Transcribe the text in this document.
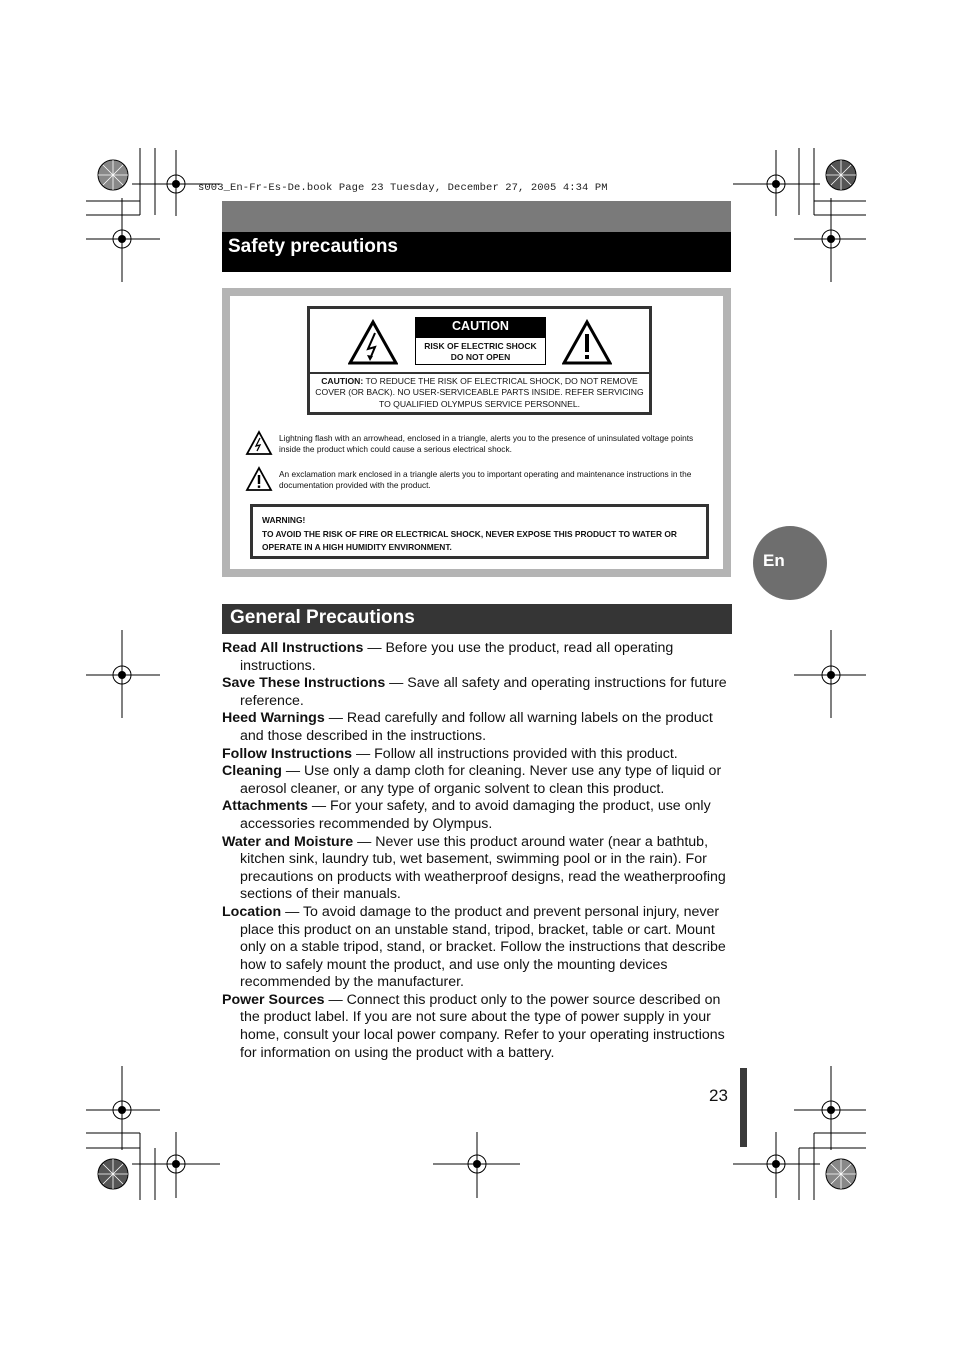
s003_En-Fr-Es-De.book Page 23 Tuesday, December 27, 2005 4:34 PM
Safety precautions
CAUTION
RISK OF ELECTRIC SHOCK
DO NOT OPEN
CAUTION: TO REDUCE THE RISK OF ELECTRICAL SHOCK, DO NOT REMOVE COVER (OR BACK). NO USER-SERVICEABLE PARTS INSIDE. REFER SERVICING TO QUALIFIED OLYMPUS SERVICE PERSONNEL.
Lightning flash with an arrowhead, enclosed in a triangle, alerts you to the presence of uninsulated voltage points inside the product which could cause a serious electrical shock.
An exclamation mark enclosed in a triangle alerts you to important operating and maintenance instructions in the documentation provided with the product.
WARNING!
TO AVOID THE RISK OF FIRE OR ELECTRICAL SHOCK, NEVER EXPOSE THIS PRODUCT TO WATER OR OPERATE IN A HIGH HUMIDITY ENVIRONMENT.
En
General Precautions

Read All Instructions — Before you use the product, read all operating instructions.

Save These Instructions — Save all safety and operating instructions for future reference.

Heed Warnings — Read carefully and follow all warning labels on the product and those described in the instructions.

Follow Instructions — Follow all instructions provided with this product.

Cleaning — Use only a damp cloth for cleaning. Never use any type of liquid or aerosol cleaner, or any type of organic solvent to clean this product.

Attachments — For your safety, and to avoid damaging the product, use only accessories recommended by Olympus.

Water and Moisture — Never use this product around water (near a bathtub, kitchen sink, laundry tub, wet basement, swimming pool or in the rain). For precautions on products with weatherproof designs, read the weatherproofing sections of their manuals.

Location — To avoid damage to the product and prevent personal injury, never place this product on an unstable stand, tripod, bracket, table or cart. Mount only on a stable tripod, stand, or bracket. Follow the instructions that describe how to safely mount the product, and use only the mounting devices recommended by the manufacturer.

Power Sources — Connect this product only to the power source described on the product label. If you are not sure about the type of power supply in your home, consult your local power company. Refer to your operating instructions for information on using the product with a battery.

23
